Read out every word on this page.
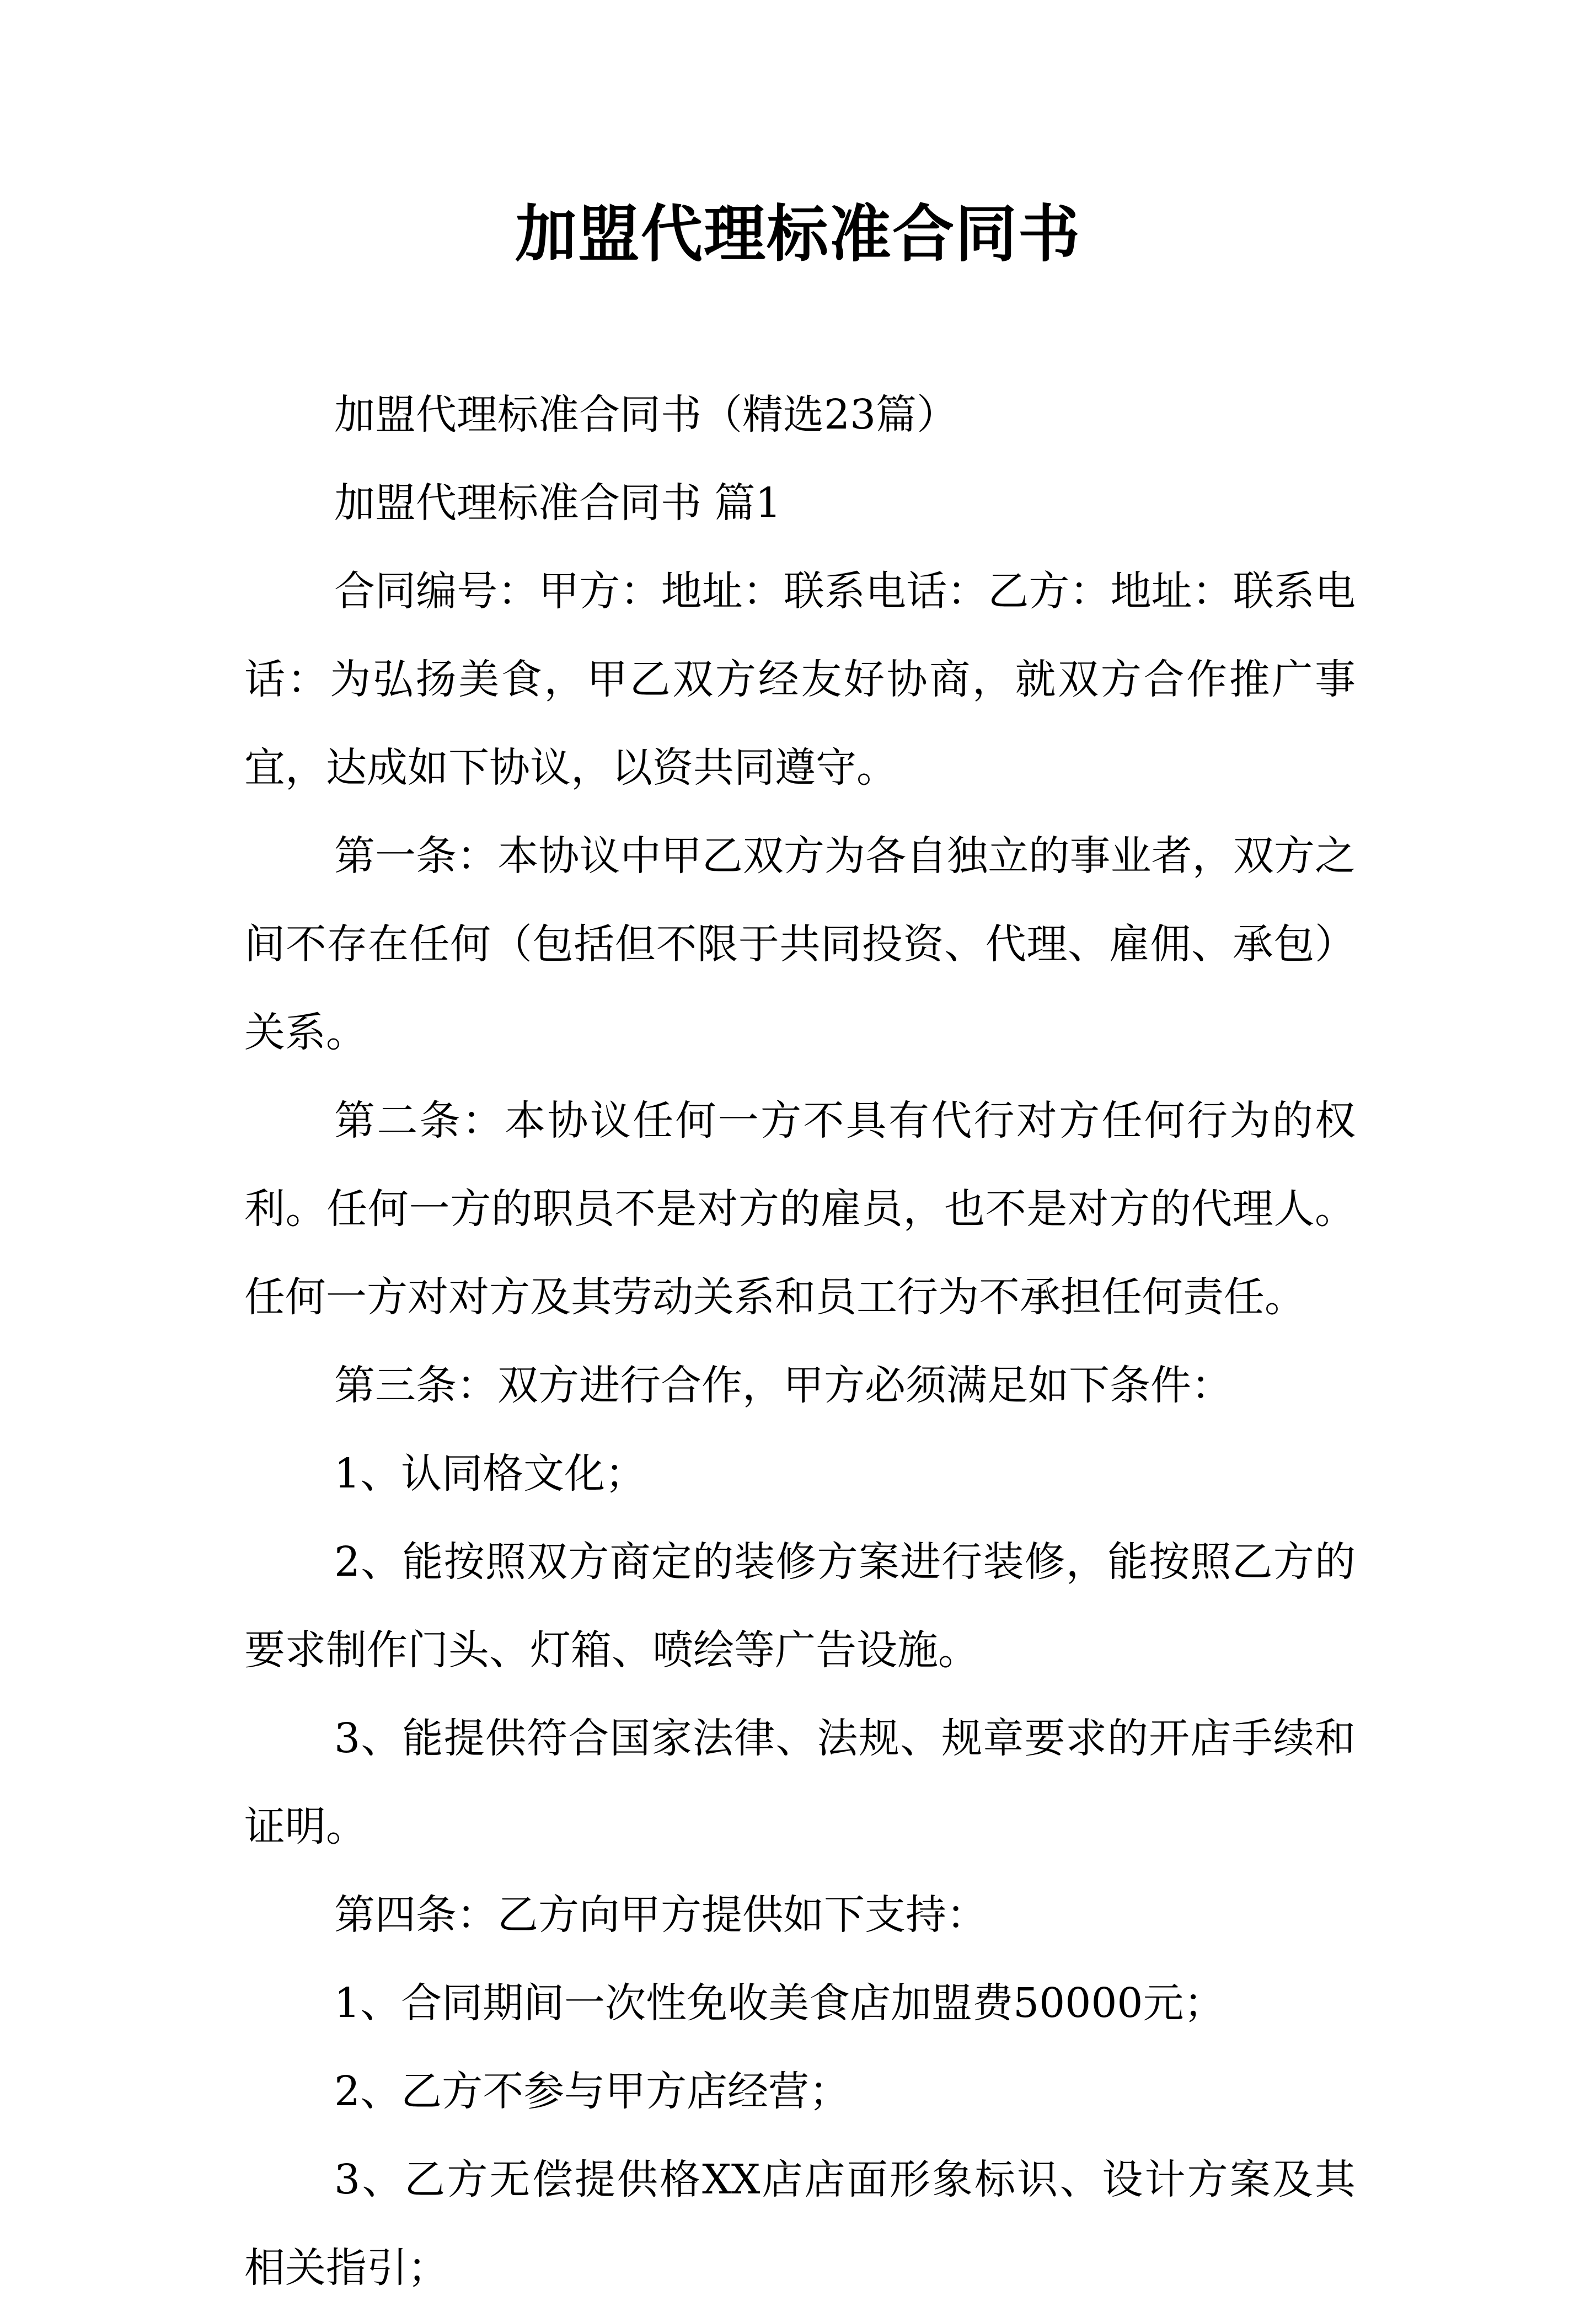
加盟代理标准合同书

加盟代理标准合同书（精选23篇）

加盟代理标准合同书 篇1

合同编号：甲方：地址：联系电话：乙方：地址：联系电话：为弘扬美食，甲乙双方经友好协商，就双方合作推广事宜，达成如下协议，以资共同遵守。

第一条：本协议中甲乙双方为各自独立的事业者，双方之间不存在任何（包括但不限于共同投资、代理、雇佣、承包）关系。

第二条：本协议任何一方不具有代行对方任何行为的权利。任何一方的职员不是对方的雇员，也不是对方的代理人。任何一方对对方及其劳动关系和员工行为不承担任何责任。

第三条：双方进行合作，甲方必须满足如下条件：

1、认同格文化；

2、能按照双方商定的装修方案进行装修，能按照乙方的要求制作门头、灯箱、喷绘等广告设施。

3、能提供符合国家法律、法规、规章要求的开店手续和证明。

第四条：乙方向甲方提供如下支持：

1、合同期间一次性免收美食店加盟费50000元；

2、乙方不参与甲方店经营；

3、乙方无偿提供格XX店店面形象标识、设计方案及其相关指引；
